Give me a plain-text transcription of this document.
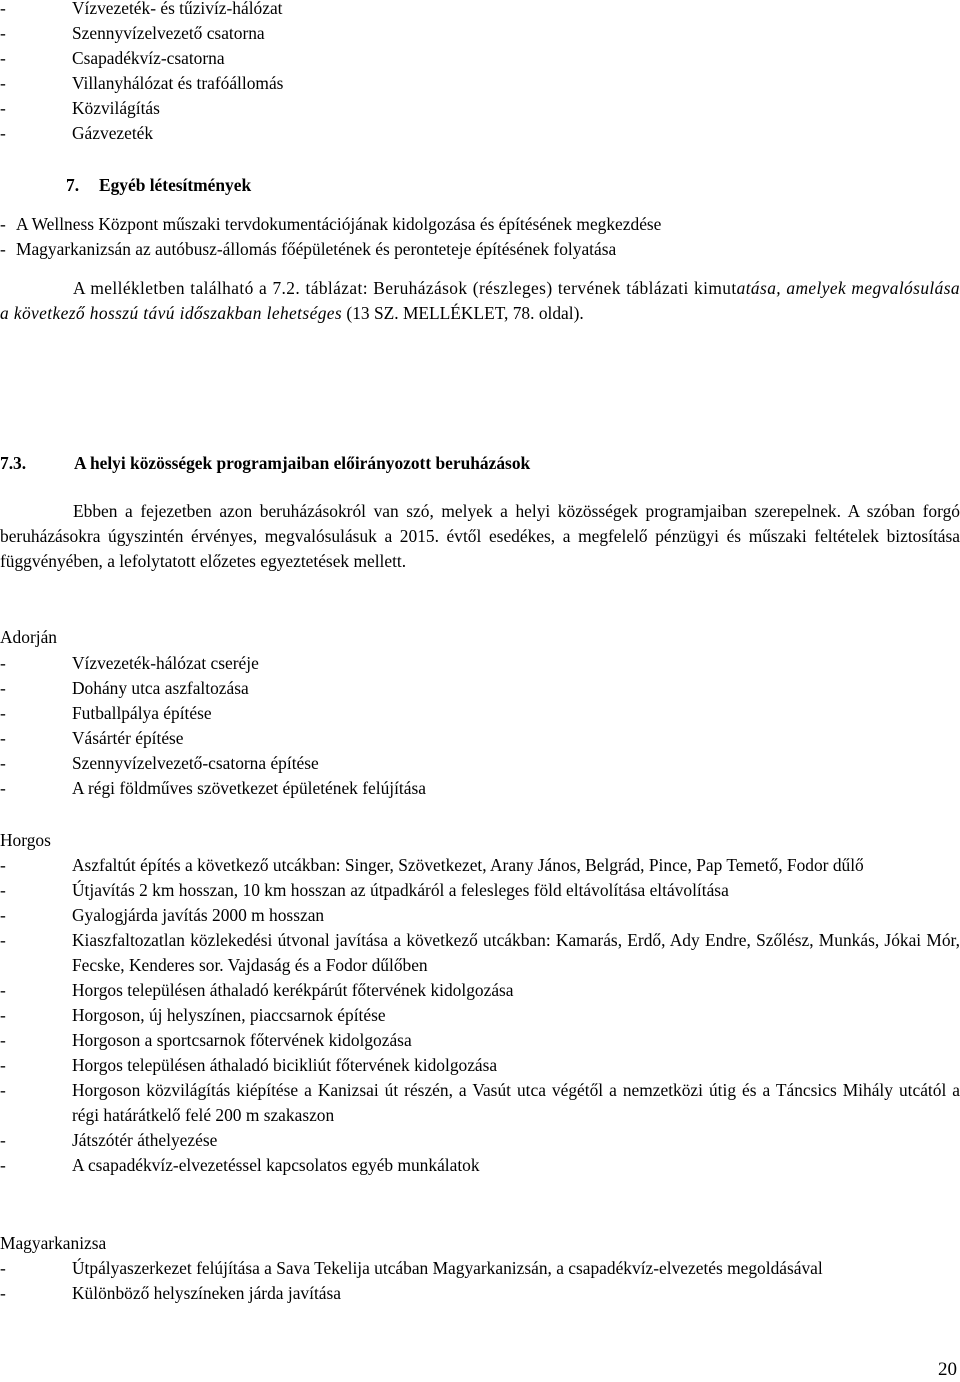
-	Vízvezeték- és tűzivíz-hálózat
-	Szennyvízelvezető csatorna
-	Csapadékvíz-csatorna
-	Villanyhálózat és trafóállomás
-	Közvilágítás
-	Gázvezeték
7. Egyéb létesítmények
- A Wellness Központ műszaki tervdokumentációjának kidolgozása és építésének megkezdése
- Magyarkanizsán az autóbusz-állomás főépületének és peronteteje építésének folyatása

A mellékletben található a 7.2. táblázat: Beruházások (részleges) tervének táblázati kimutatása, amelyek megvalósulása a következő hosszú távú időszakban lehetséges (13 SZ. MELLÉKLET, 78. oldal).

7.3.	A helyi közösségek programjaiban előirányozott beruházások

Ebben a fejezetben azon beruházásokról van szó, melyek a helyi közösségek programjaiban szerepelnek. A szóban forgó beruházásokra úgyszintén érvényes, megvalósulásuk a 2015. évtől esedékes, a megfelelő pénzügyi és műszaki feltételek biztosítása függvényében, a lefolytatott előzetes egyeztetések mellett.

Adorján
-	Vízvezeték-hálózat cseréje
-	Dohány utca aszfaltozása
-	Futballpálya építése
-	Vásártér építése
-	Szennyvízelvezető-csatorna építése
-	A régi földműves szövetkezet épületének felújítása
Horgos
-	Aszfaltút építés a következő utcákban: Singer, Szövetkezet, Arany János, Belgrád, Pince, Pap Temető, Fodor dűlő
-	Útjavítás 2 km hosszan, 10 km hosszan az útpadkáról a felesleges föld eltávolítása eltávolítása
-	Gyalogjárda javítás 2000 m hosszan
-	Kiaszfaltozatlan közlekedési útvonal javítása a következő utcákban: Kamarás, Erdő, Ady Endre, Szőlész, Munkás, Jókai Mór, Fecske, Kenderes sor. Vajdaság és a Fodor dűlőben
-	Horgos településen áthaladó kerékpárút főtervének kidolgozása
-	Horgoson, új helyszínen, piaccsarnok építése
-	Horgoson a sportcsarnok főtervének kidolgozása
-	Horgos településen áthaladó bicikliút főtervének kidolgozása
-	Horgoson közvilágítás kiépítése a Kanizsai út részén, a Vasút utca végétől a nemzetközi útig és a Táncsics Mihály utcától a régi határátkelő felé 200 m szakaszon
-	Játszótér áthelyezése
-	A csapadékvíz-elvezetéssel kapcsolatos egyéb munkálatok
Magyarkanizsa
-	Útpályaszerkezet felújítása a Sava Tekelija utcában Magyarkanizsán, a csapadékvíz-elvezetés megoldásával
-	Különböző helyszíneken járda javítása
20
